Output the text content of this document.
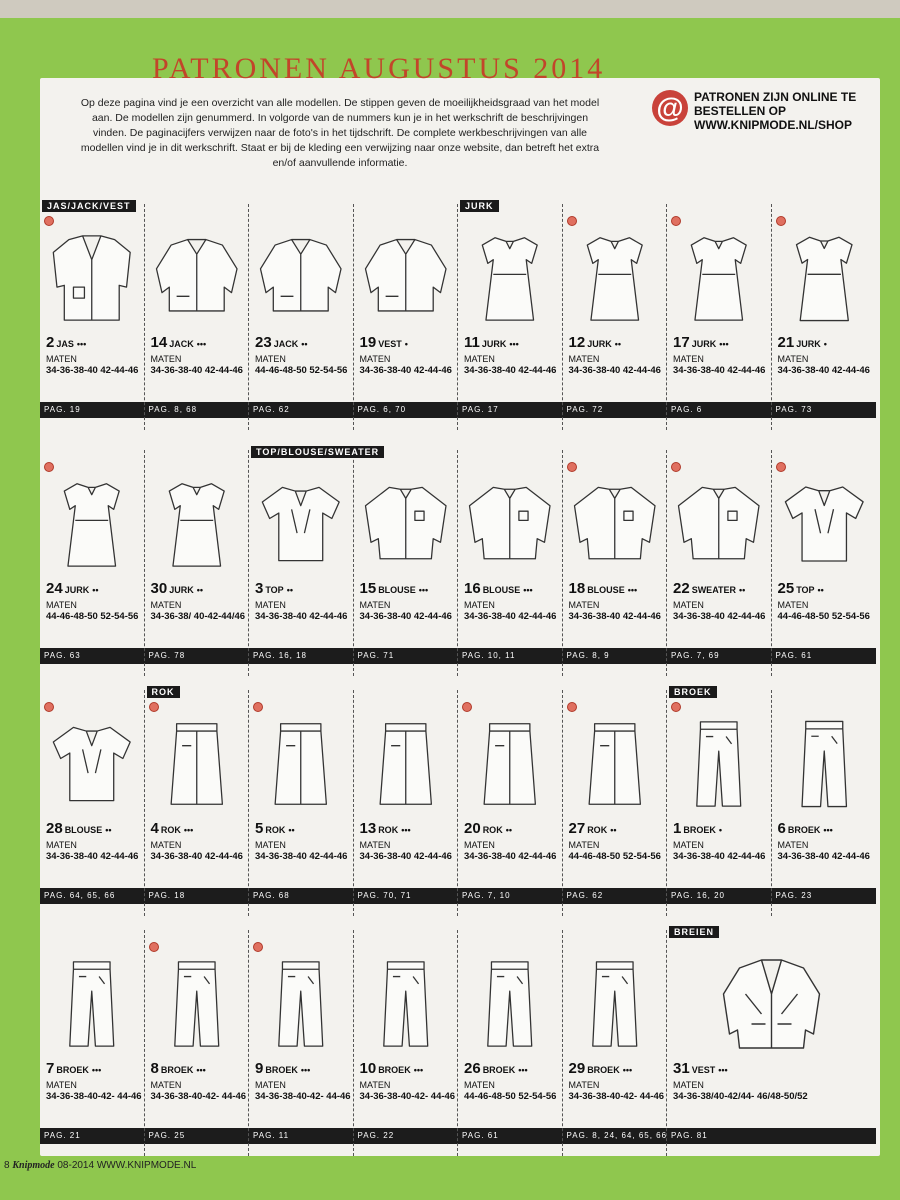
PATRONEN AUGUSTUS 2014
Op deze pagina vind je een overzicht van alle modellen. De stippen geven de moeilijkheidsgraad van het model aan. De modellen zijn genummerd. In volgorde van de nummers kun je in het werkschrift de beschrijvingen vinden. De paginacijfers verwijzen naar de foto's in het tijdschrift. De complete werkbeschrijvingen van alle modellen vind je in dit werkschrift. Staat er bij de kleding een verwijzing naar onze website, dan betreft het extra en/of aanvullende informatie.
@ PATRONEN ZIJN ONLINE TE BESTELLEN OP WWW.KNIPMODE.NL/SHOP
JAS/JACK/VEST
2 JAS •••
MATEN
34-36-38-40 42-44-46
PAG. 19
14 JACK •••
MATEN
34-36-38-40 42-44-46
PAG. 8, 68
23 JACK ••
MATEN
44-46-48-50 52-54-56
PAG. 62
19 VEST •
MATEN
34-36-38-40 42-44-46
PAG. 6, 70
JURK
11 JURK •••
MATEN
34-36-38-40 42-44-46
PAG. 17
12 JURK ••
MATEN
34-36-38-40 42-44-46
PAG. 72
17 JURK •••
MATEN
34-36-38-40 42-44-46
PAG. 6
21 JURK •
MATEN
34-36-38-40 42-44-46
PAG. 73
24 JURK ••
MATEN
44-46-48-50 52-54-56
PAG. 63
30 JURK ••
MATEN
34-36-38/ 40-42-44/46
PAG. 78
TOP/BLOUSE/SWEATER
3 TOP ••
MATEN
34-36-38-40 42-44-46
PAG. 16, 18
15 BLOUSE •••
MATEN
34-36-38-40 42-44-46
PAG. 71
16 BLOUSE •••
MATEN
34-36-38-40 42-44-46
PAG. 10, 11
18 BLOUSE •••
MATEN
34-36-38-40 42-44-46
PAG. 8, 9
22 SWEATER ••
MATEN
34-36-38-40 42-44-46
PAG. 7, 69
25 TOP ••
MATEN
44-46-48-50 52-54-56
PAG. 61
28 BLOUSE ••
MATEN
34-36-38-40 42-44-46
PAG. 64, 65, 66
ROK
4 ROK •••
MATEN
34-36-38-40 42-44-46
PAG. 18
5 ROK ••
MATEN
34-36-38-40 42-44-46
PAG. 68
13 ROK •••
MATEN
34-36-38-40 42-44-46
PAG. 70, 71
20 ROK ••
MATEN
34-36-38-40 42-44-46
PAG. 7, 10
27 ROK ••
MATEN
44-46-48-50 52-54-56
PAG. 62
BROEK
1 BROEK •
MATEN
34-36-38-40 42-44-46
PAG. 16, 20
6 BROEK •••
MATEN
34-36-38-40 42-44-46
PAG. 23
7 BROEK •••
MATEN
34-36-38-40-42- 44-46
PAG. 21
8 BROEK •••
MATEN
34-36-38-40-42- 44-46
PAG. 25
9 BROEK •••
MATEN
34-36-38-40-42- 44-46
PAG. 11
10 BROEK •••
MATEN
34-36-38-40-42- 44-46
PAG. 22
26 BROEK •••
MATEN
44-46-48-50 52-54-56
PAG. 61
29 BROEK •••
MATEN
34-36-38-40-42- 44-46
PAG. 8, 24, 64, 65, 66
BREIEN
31 VEST •••
MATEN
34-36-38/40-42/44- 46/48-50/52
PAG. 81
8 Knipmode 08-2014 WWW.KNIPMODE.NL
